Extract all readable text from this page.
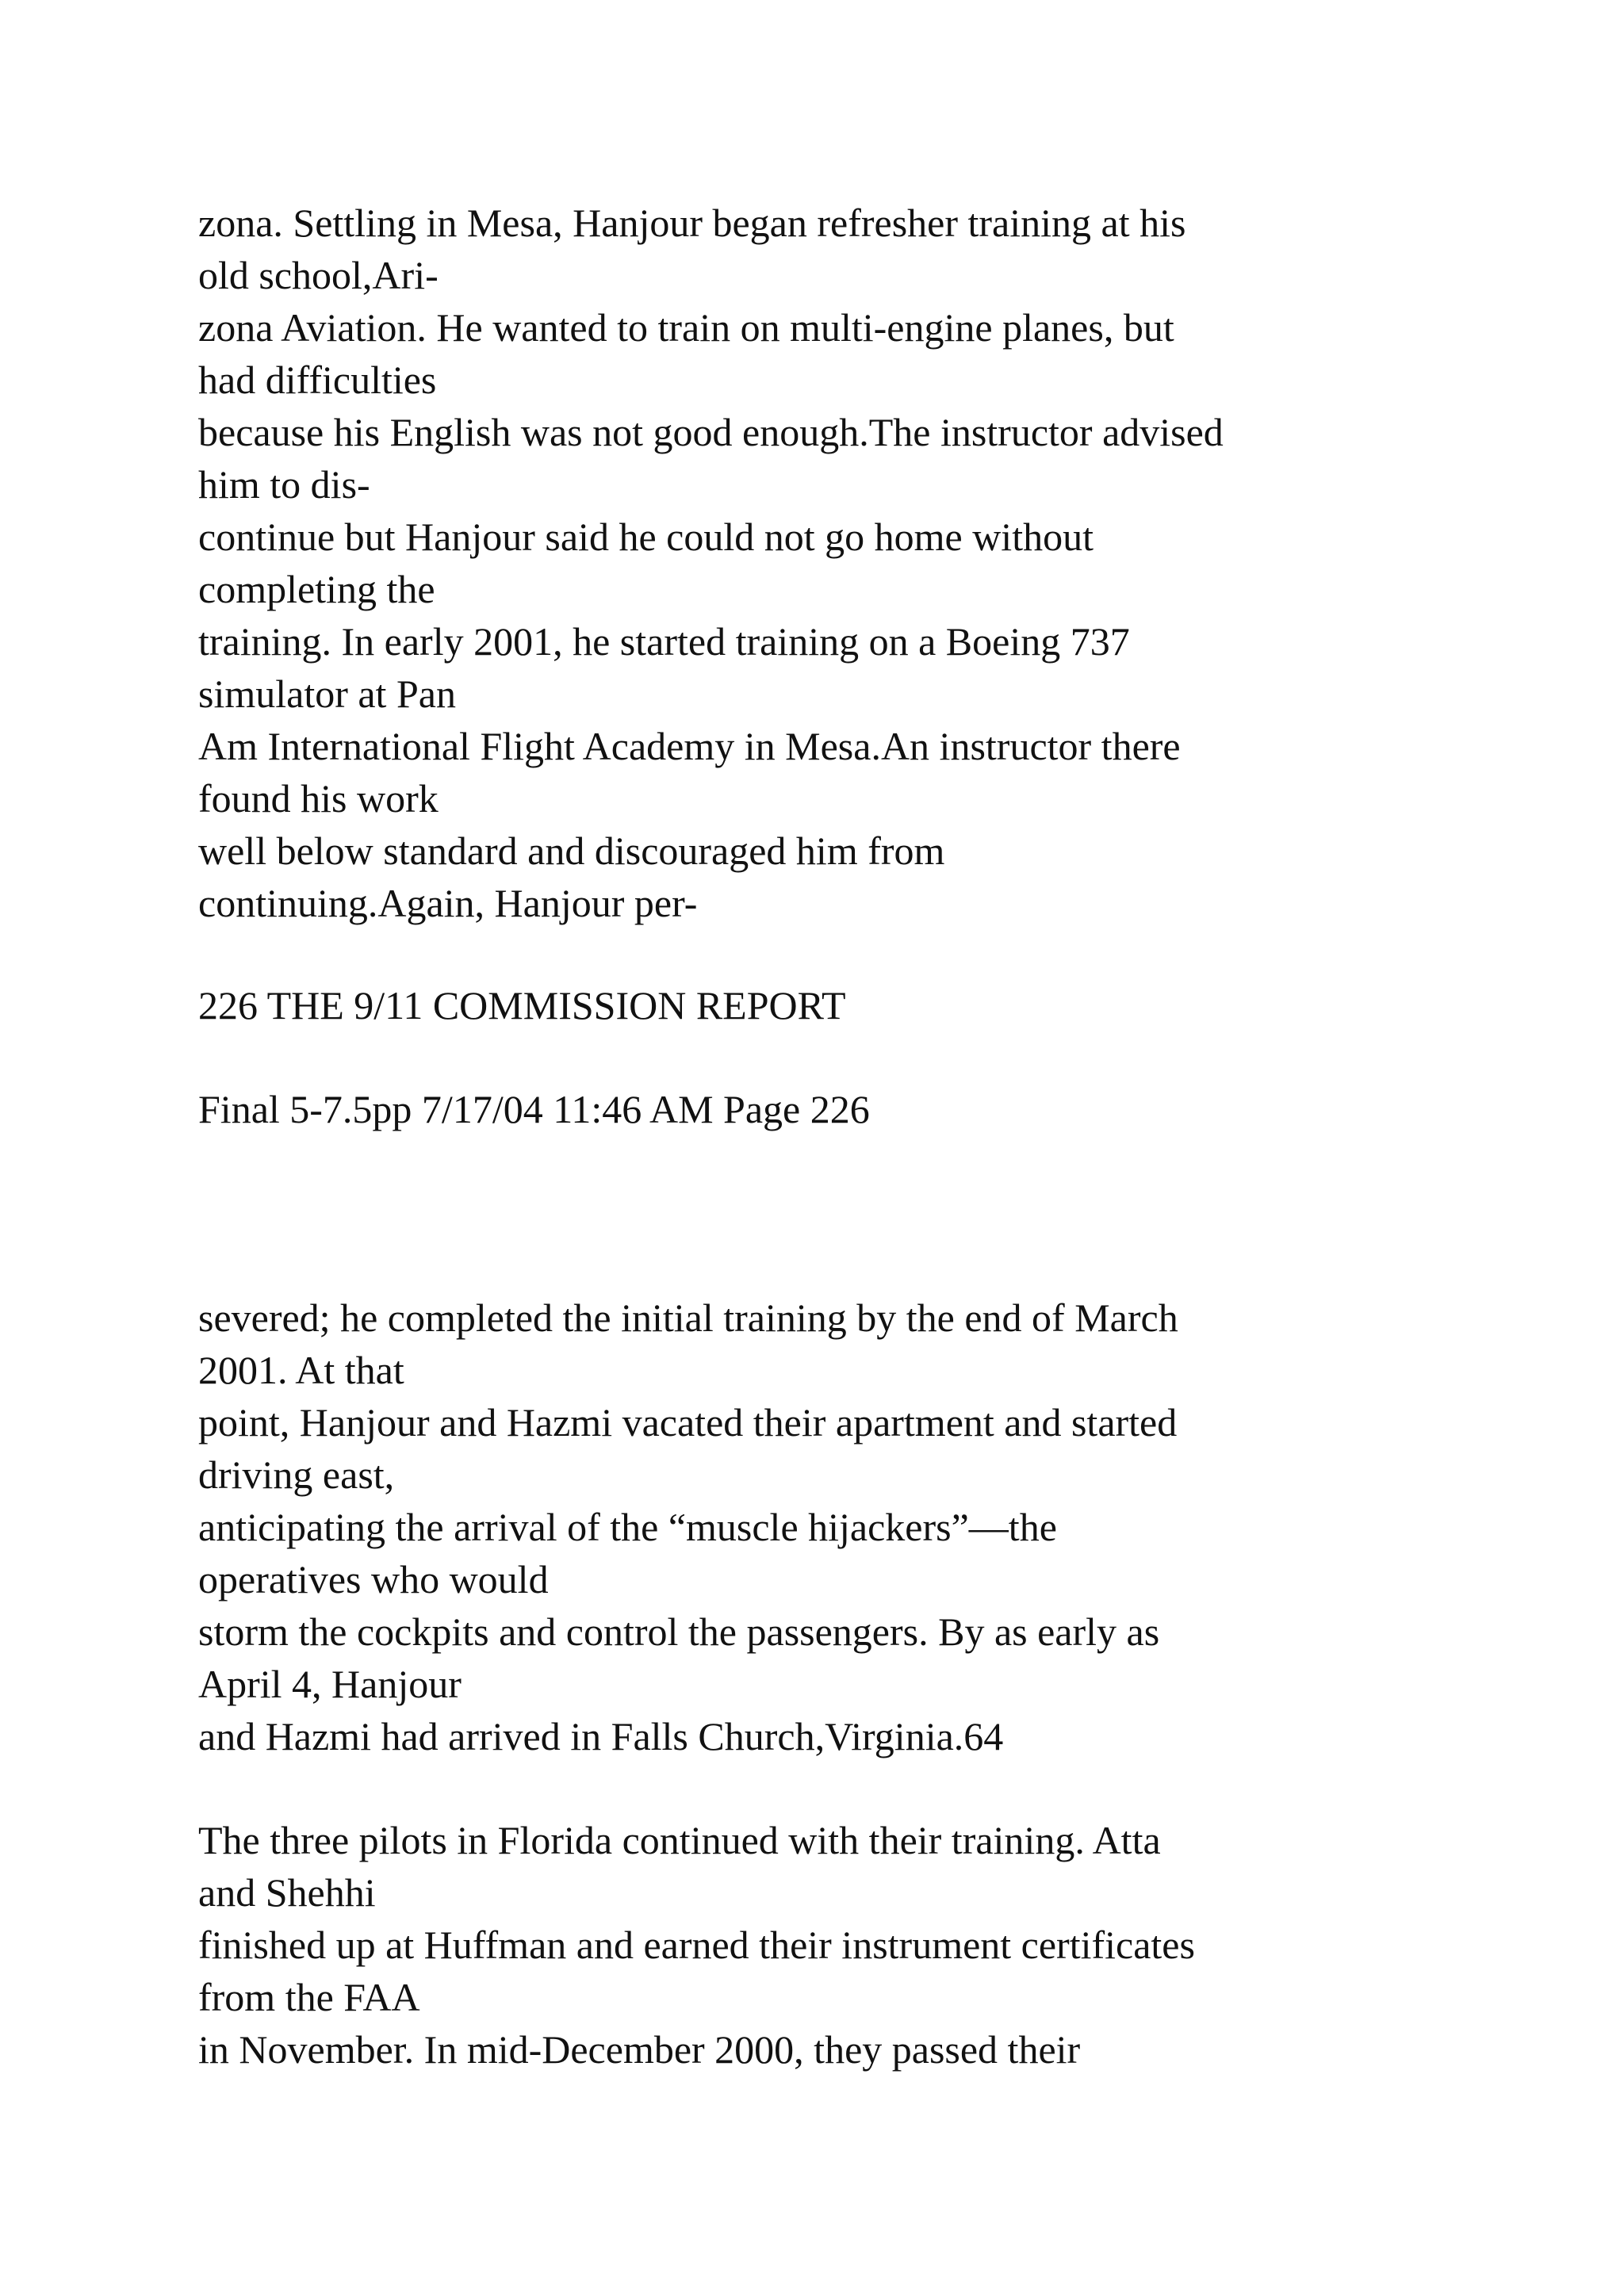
zona. Settling in Mesa, Hanjour began refresher training at his
old school,Ari-
zona Aviation. He wanted to train on multi-engine planes, but
had difficulties
because his English was not good enough.The instructor advised
him to dis-
continue but Hanjour said he could not go home without
completing the
training. In early 2001, he started training on a Boeing 737
simulator at Pan
Am International Flight Academy in Mesa.An instructor there
found his work
well below standard and discouraged him from
continuing.Again, Hanjour per-
226 THE 9/11 COMMISSION REPORT
Final 5-7.5pp 7/17/04 11:46 AM Page 226
severed; he completed the initial training by the end of March
2001. At that
point, Hanjour and Hazmi vacated their apartment and started
driving east,
anticipating the arrival of the “muscle hijackers”—the
operatives who would
storm the cockpits and control the passengers. By as early as
April 4, Hanjour
and Hazmi had arrived in Falls Church,Virginia.64
The three pilots in Florida continued with their training. Atta
and Shehhi
finished up at Huffman and earned their instrument certificates
from the FAA
in November. In mid-December 2000, they passed their
